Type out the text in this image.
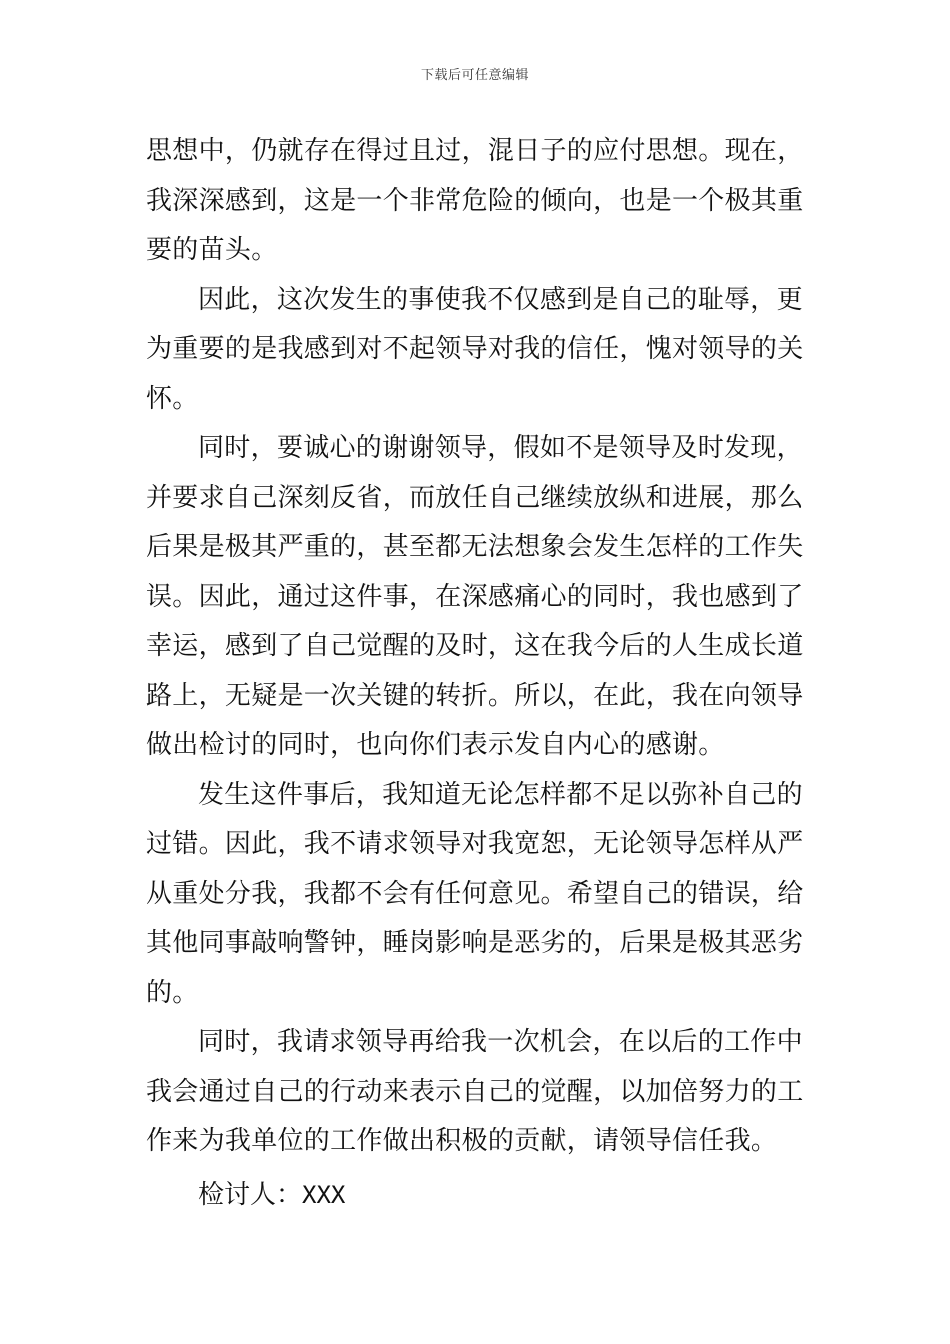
下载后可任意编辑
思想中，仍就存在得过且过，混日子的应付思想。现在，
我深深感到，这是一个非常危险的倾向，也是一个极其重
要的苗头。
因此，这次发生的事使我不仅感到是自己的耻辱，更
为重要的是我感到对不起领导对我的信任，愧对领导的关
怀。
同时，要诚心的谢谢领导，假如不是领导及时发现，
并要求自己深刻反省，而放任自己继续放纵和进展，那么
后果是极其严重的，甚至都无法想象会发生怎样的工作失
误。因此，通过这件事，在深感痛心的同时，我也感到了
幸运，感到了自己觉醒的及时，这在我今后的人生成长道
路上，无疑是一次关键的转折。所以，在此，我在向领导
做出检讨的同时，也向你们表示发自内心的感谢。
发生这件事后，我知道无论怎样都不足以弥补自己的
过错。因此，我不请求领导对我宽恕，无论领导怎样从严
从重处分我，我都不会有任何意见。希望自己的错误，给
其他同事敲响警钟，睡岗影响是恶劣的，后果是极其恶劣
的。
同时，我请求领导再给我一次机会，在以后的工作中
我会通过自己的行动来表示自己的觉醒，以加倍努力的工
作来为我单位的工作做出积极的贡献，请领导信任我。
检讨人：XXX
